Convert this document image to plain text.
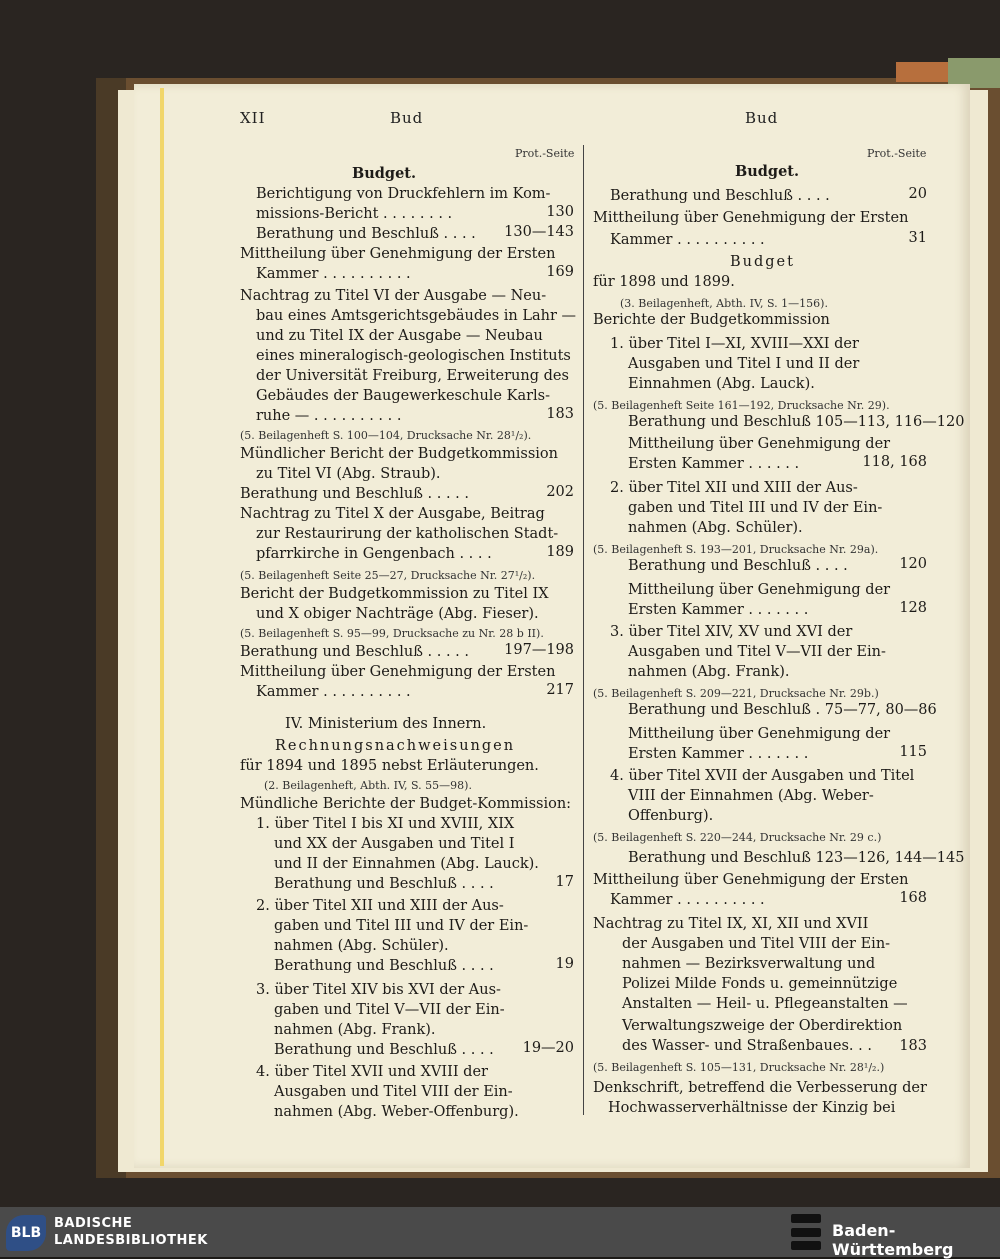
XII	Bud	Bud
Prot.-Seite
Budget.
Berichtigung von Druckfehlern im Kom-
missions-Bericht . . . . . . . .	130
Berathung und Beschluß . . . . 130—143
Mittheilung über Genehmigung der Ersten
Kammer . . . . . . . . . .	169
Nachtrag zu Titel VI der Ausgabe — Neu-
bau eines Amtsgerichtsgebäudes in Lahr —
und zu Titel IX der Ausgabe — Neubau
eines mineralogisch-geologischen Instituts
der Universität Freiburg, Erweiterung des
Gebäudes der Baugewerkeschule Karls-
ruhe — . . . . . . . . . .	183
(5. Beilagenheft S. 100—104, Drucksache Nr. 28¹/₂).
Mündlicher Bericht der Budgetkommission
zu Titel VI (Abg. Straub).
Berathung und Beschluß . . . . .	202
Nachtrag zu Titel X der Ausgabe, Beitrag
zur Restaurirung der katholischen Stadt-
pfarrkirche in Gengenbach . . . .	189
(5. Beilagenheft Seite 25—27, Drucksache Nr. 27¹/₂).
Bericht der Budgetkommission zu Titel IX
und X obiger Nachträge (Abg. Fieser).
(5. Beilagenheft S. 95—99, Drucksache zu Nr. 28 b II).
Berathung und Beschluß . . . . . 197—198
Mittheilung über Genehmigung der Ersten
Kammer . . . . . . . . . .	217
IV. Ministerium des Innern.
Rechnungsnachweisungen
für 1894 und 1895 nebst Erläuterungen.
(2. Beilagenheft, Abth. IV, S. 55—98).
Mündliche Berichte der Budget-Kommission:
1. über Titel I bis XI und XVIII, XIX
und XX der Ausgaben und Titel I
und II der Einnahmen (Abg. Lauck).
Berathung und Beschluß . . . .	17
2. über Titel XII und XIII der Aus-
gaben und Titel III und IV der Ein-
nahmen (Abg. Schüler).
Berathung und Beschluß . . . .	19
3. über Titel XIV bis XVI der Aus-
gaben und Titel V—VII der Ein-
nahmen (Abg. Frank).
Berathung und Beschluß . . . . 19—20
4. über Titel XVII und XVIII der
Ausgaben und Titel VIII der Ein-
nahmen (Abg. Weber-Offenburg).
Prot.-Seite
Budget.
Berathung und Beschluß . . . .	20
Mittheilung über Genehmigung der Ersten
Kammer . . . . . . . . . .	31
Budget
für 1898 und 1899.
(3. Beilagenheft, Abth. IV, S. 1—156).
Berichte der Budgetkommission
1. über Titel I—XI, XVIII—XXI der
Ausgaben und Titel I und II der
Einnahmen (Abg. Lauck).
(5. Beilagenheft Seite 161—192, Drucksache Nr. 29).
Berathung und Beschluß 105—113, 116—120
Mittheilung über Genehmigung der
Ersten Kammer . . . . . .	118, 168
2. über Titel XII und XIII der Aus-
gaben und Titel III und IV der Ein-
nahmen (Abg. Schüler).
(5. Beilagenheft S. 193—201, Drucksache Nr. 29a).
Berathung und Beschluß . . . .	120
Mittheilung über Genehmigung der
Ersten Kammer . . . . . . .	128
3. über Titel XIV, XV und XVI der
Ausgaben und Titel V—VII der Ein-
nahmen (Abg. Frank).
(5. Beilagenheft S. 209—221, Drucksache Nr. 29b.)
Berathung und Beschluß . 75—77, 80—86
Mittheilung über Genehmigung der
Ersten Kammer . . . . . . .	115
4. über Titel XVII der Ausgaben und Titel
VIII der Einnahmen (Abg. Weber-
Offenburg).
(5. Beilagenheft S. 220—244, Drucksache Nr. 29 c.)
Berathung und Beschluß 123—126, 144—145
Mittheilung über Genehmigung der Ersten
Kammer . . . . . . . . . .	168
Nachtrag zu Titel IX, XI, XII und XVII
der Ausgaben und Titel VIII der Ein-
nahmen — Bezirksverwaltung und
Polizei Milde Fonds u. gemeinnützige
Anstalten — Heil- u. Pflegeanstalten —
Verwaltungszweige der Oberdirektion
des Wasser- und Straßenbaues. . . 183
(5. Beilagenheft S. 105—131, Drucksache Nr. 28¹/₂.)
Denkschrift, betreffend die Verbesserung der
Hochwasserverhältnisse der Kinzig bei
BLB
BADISCHE
LANDESBIBLIOTHEK
Baden-Württemberg
